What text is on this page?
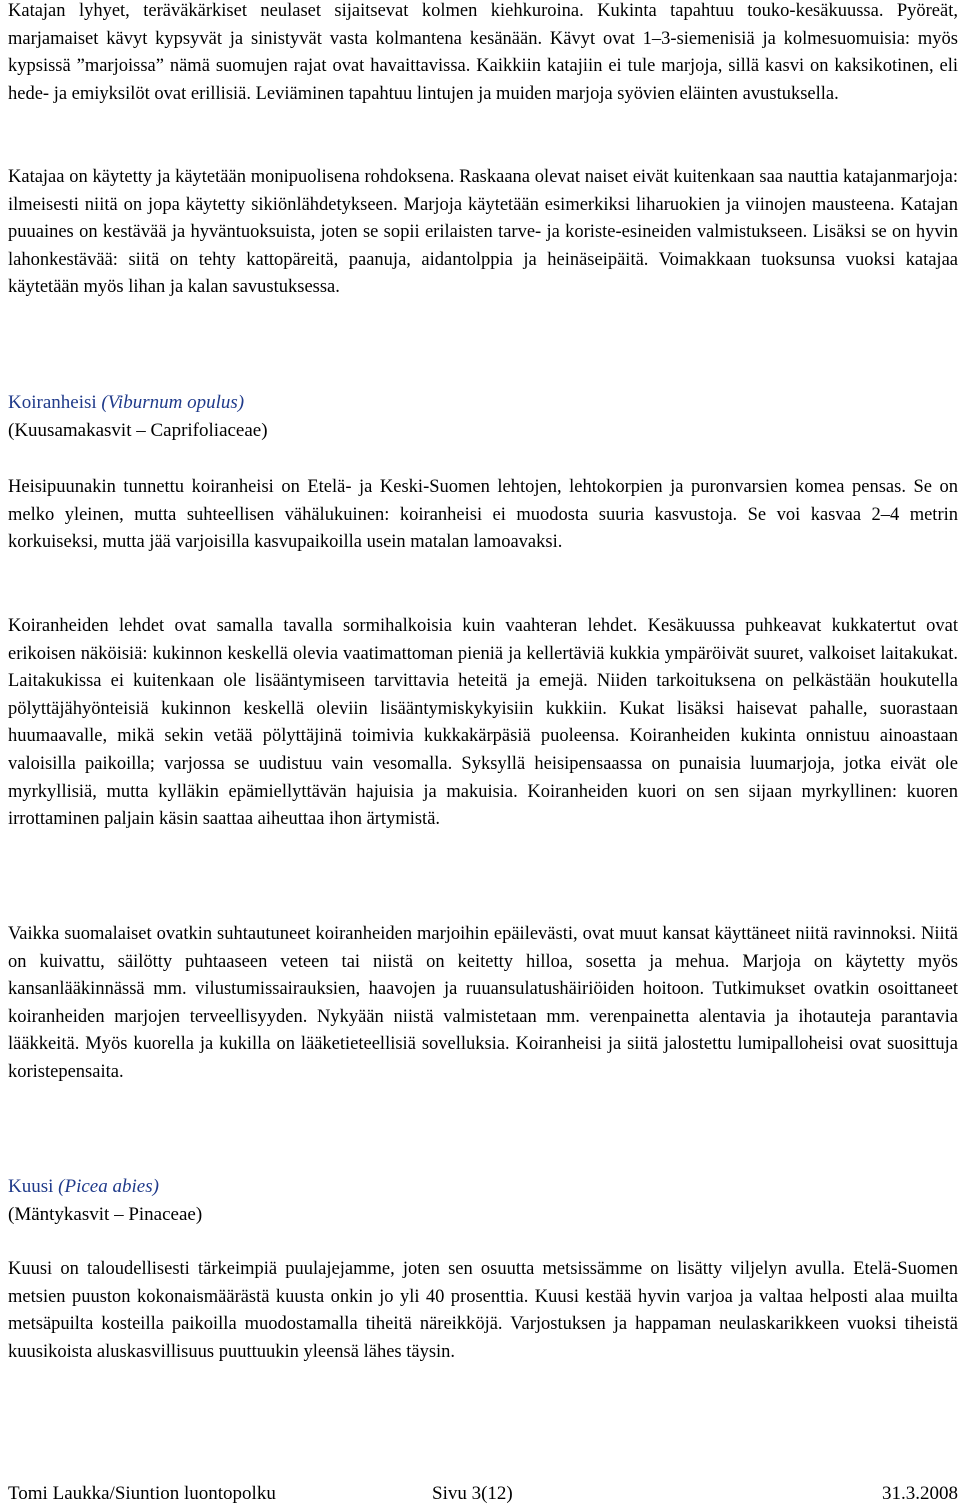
Katajan lyhyet, teräväkärkiset neulaset sijaitsevat kolmen kiehkuroina. Kukinta tapahtuu touko-kesäkuussa. Pyöreät, marjamaiset kävyt kypsyvät ja sinistyvät vasta kolmantena kesänään. Kävyt ovat 1–3-siemenisiä ja kolmesuomuisia: myös kypsissä ”marjoissa” nämä suomujen rajat ovat havaittavissa. Kaikkiin katajiin ei tule marjoja, sillä kasvi on kaksikotinen, eli hede- ja emiyksilöt ovat erillisiä. Leviäminen tapahtuu lintujen ja muiden marjoja syövien eläinten avustuksella.

Katajaa on käytetty ja käytetään monipuolisena rohdoksena. Raskaana olevat naiset eivät kuitenkaan saa nauttia katajanmarjoja: ilmeisesti niitä on jopa käytetty sikiönlähdetykseen. Marjoja käytetään esimerkiksi liharuokien ja viinojen mausteena. Katajan puuaines on kestävää ja hyväntuoksuista, joten se sopii erilaisten tarve- ja koriste-esineiden valmistukseen. Lisäksi se on hyvin lahonkestävää: siitä on tehty kattopäreitä, paanuja, aidantolppia ja heinäseipäitä. Voimakkaan tuoksunsa vuoksi katajaa käytetään myös lihan ja kalan savustuksessa.

Koiranheisi (Viburnum opulus)
(Kuusamakasvit – Caprifoliaceae)

Heisipuunakin tunnettu koiranheisi on Etelä- ja Keski-Suomen lehtojen, lehtokorpien ja puronvarsien komea pensas. Se on melko yleinen, mutta suhteellisen vähälukuinen: koiranheisi ei muodosta suuria kasvustoja. Se voi kasvaa 2–4 metrin korkuiseksi, mutta jää varjoisilla kasvupaikoilla usein matalan lamoavaksi.

Koiranheiden lehdet ovat samalla tavalla sormihalkoisia kuin vaahteran lehdet. Kesäkuussa puhkeavat kukkatertut ovat erikoisen näköisiä: kukinnon keskellä olevia vaatimattoman pieniä ja kellertäviä kukkia ympäröivät suuret, valkoiset laitakukat. Laitakukissa ei kuitenkaan ole lisääntymiseen tarvittavia heteitä ja emejä. Niiden tarkoituksena on pelkästään houkutella pölyttäjähyönteisiä kukinnon keskellä oleviin lisääntymiskykyisiin kukkiin. Kukat lisäksi haisevat pahalle, suorastaan huumaavalle, mikä sekin vetää pölyttäjinä toimivia kukkakärpäsiä puoleensa. Koiranheiden kukinta onnistuu ainoastaan valoisilla paikoilla; varjossa se uudistuu vain vesomalla. Syksyllä heisipensaassa on punaisia luumarjoja, jotka eivät ole myrkyllisiä, mutta kylläkin epämiellyttävän hajuisia ja makuisia. Koiranheiden kuori on sen sijaan myrkyllinen: kuoren irrottaminen paljain käsin saattaa aiheuttaa ihon ärtymistä.

Vaikka suomalaiset ovatkin suhtautuneet koiranheiden marjoihin epäilevästi, ovat muut kansat käyttäneet niitä ravinnoksi. Niitä on kuivattu, säilötty puhtaaseen veteen tai niistä on keitetty hilloa, sosetta ja mehua. Marjoja on käytetty myös kansanlääkinnässä mm. vilustumissairauksien, haavojen ja ruuansulatushäiriöiden hoitoon. Tutkimukset ovatkin osoittaneet koiranheiden marjojen terveellisyyden. Nykyään niistä valmistetaan mm. verenpainetta alentavia ja ihotauteja parantavia lääkkeitä. Myös kuorella ja kukilla on lääketieteellisiä sovelluksia. Koiranheisi ja siitä jalostettu lumipalloheisi ovat suosittuja koristepensaita.

Kuusi (Picea abies)
(Mäntykasvit – Pinaceae)

Kuusi on taloudellisesti tärkeimpiä puulajejamme, joten sen osuutta metsissämme on lisätty viljelyn avulla. Etelä-Suomen metsien puuston kokonaismäärästä kuusta onkin jo yli 40 prosenttia. Kuusi kestää hyvin varjoa ja valtaa helposti alaa muilta metsäpuilta kosteilla paikoilla muodostamalla tiheitä näreikköjä. Varjostuksen ja happaman neulaskarikkeen vuoksi tiheistä kuusikoista aluskasvillisuus puuttuukin yleensä lähes täysin.

Tomi Laukka/Siuntion luontopolku	Sivu 3(12)	31.3.2008
